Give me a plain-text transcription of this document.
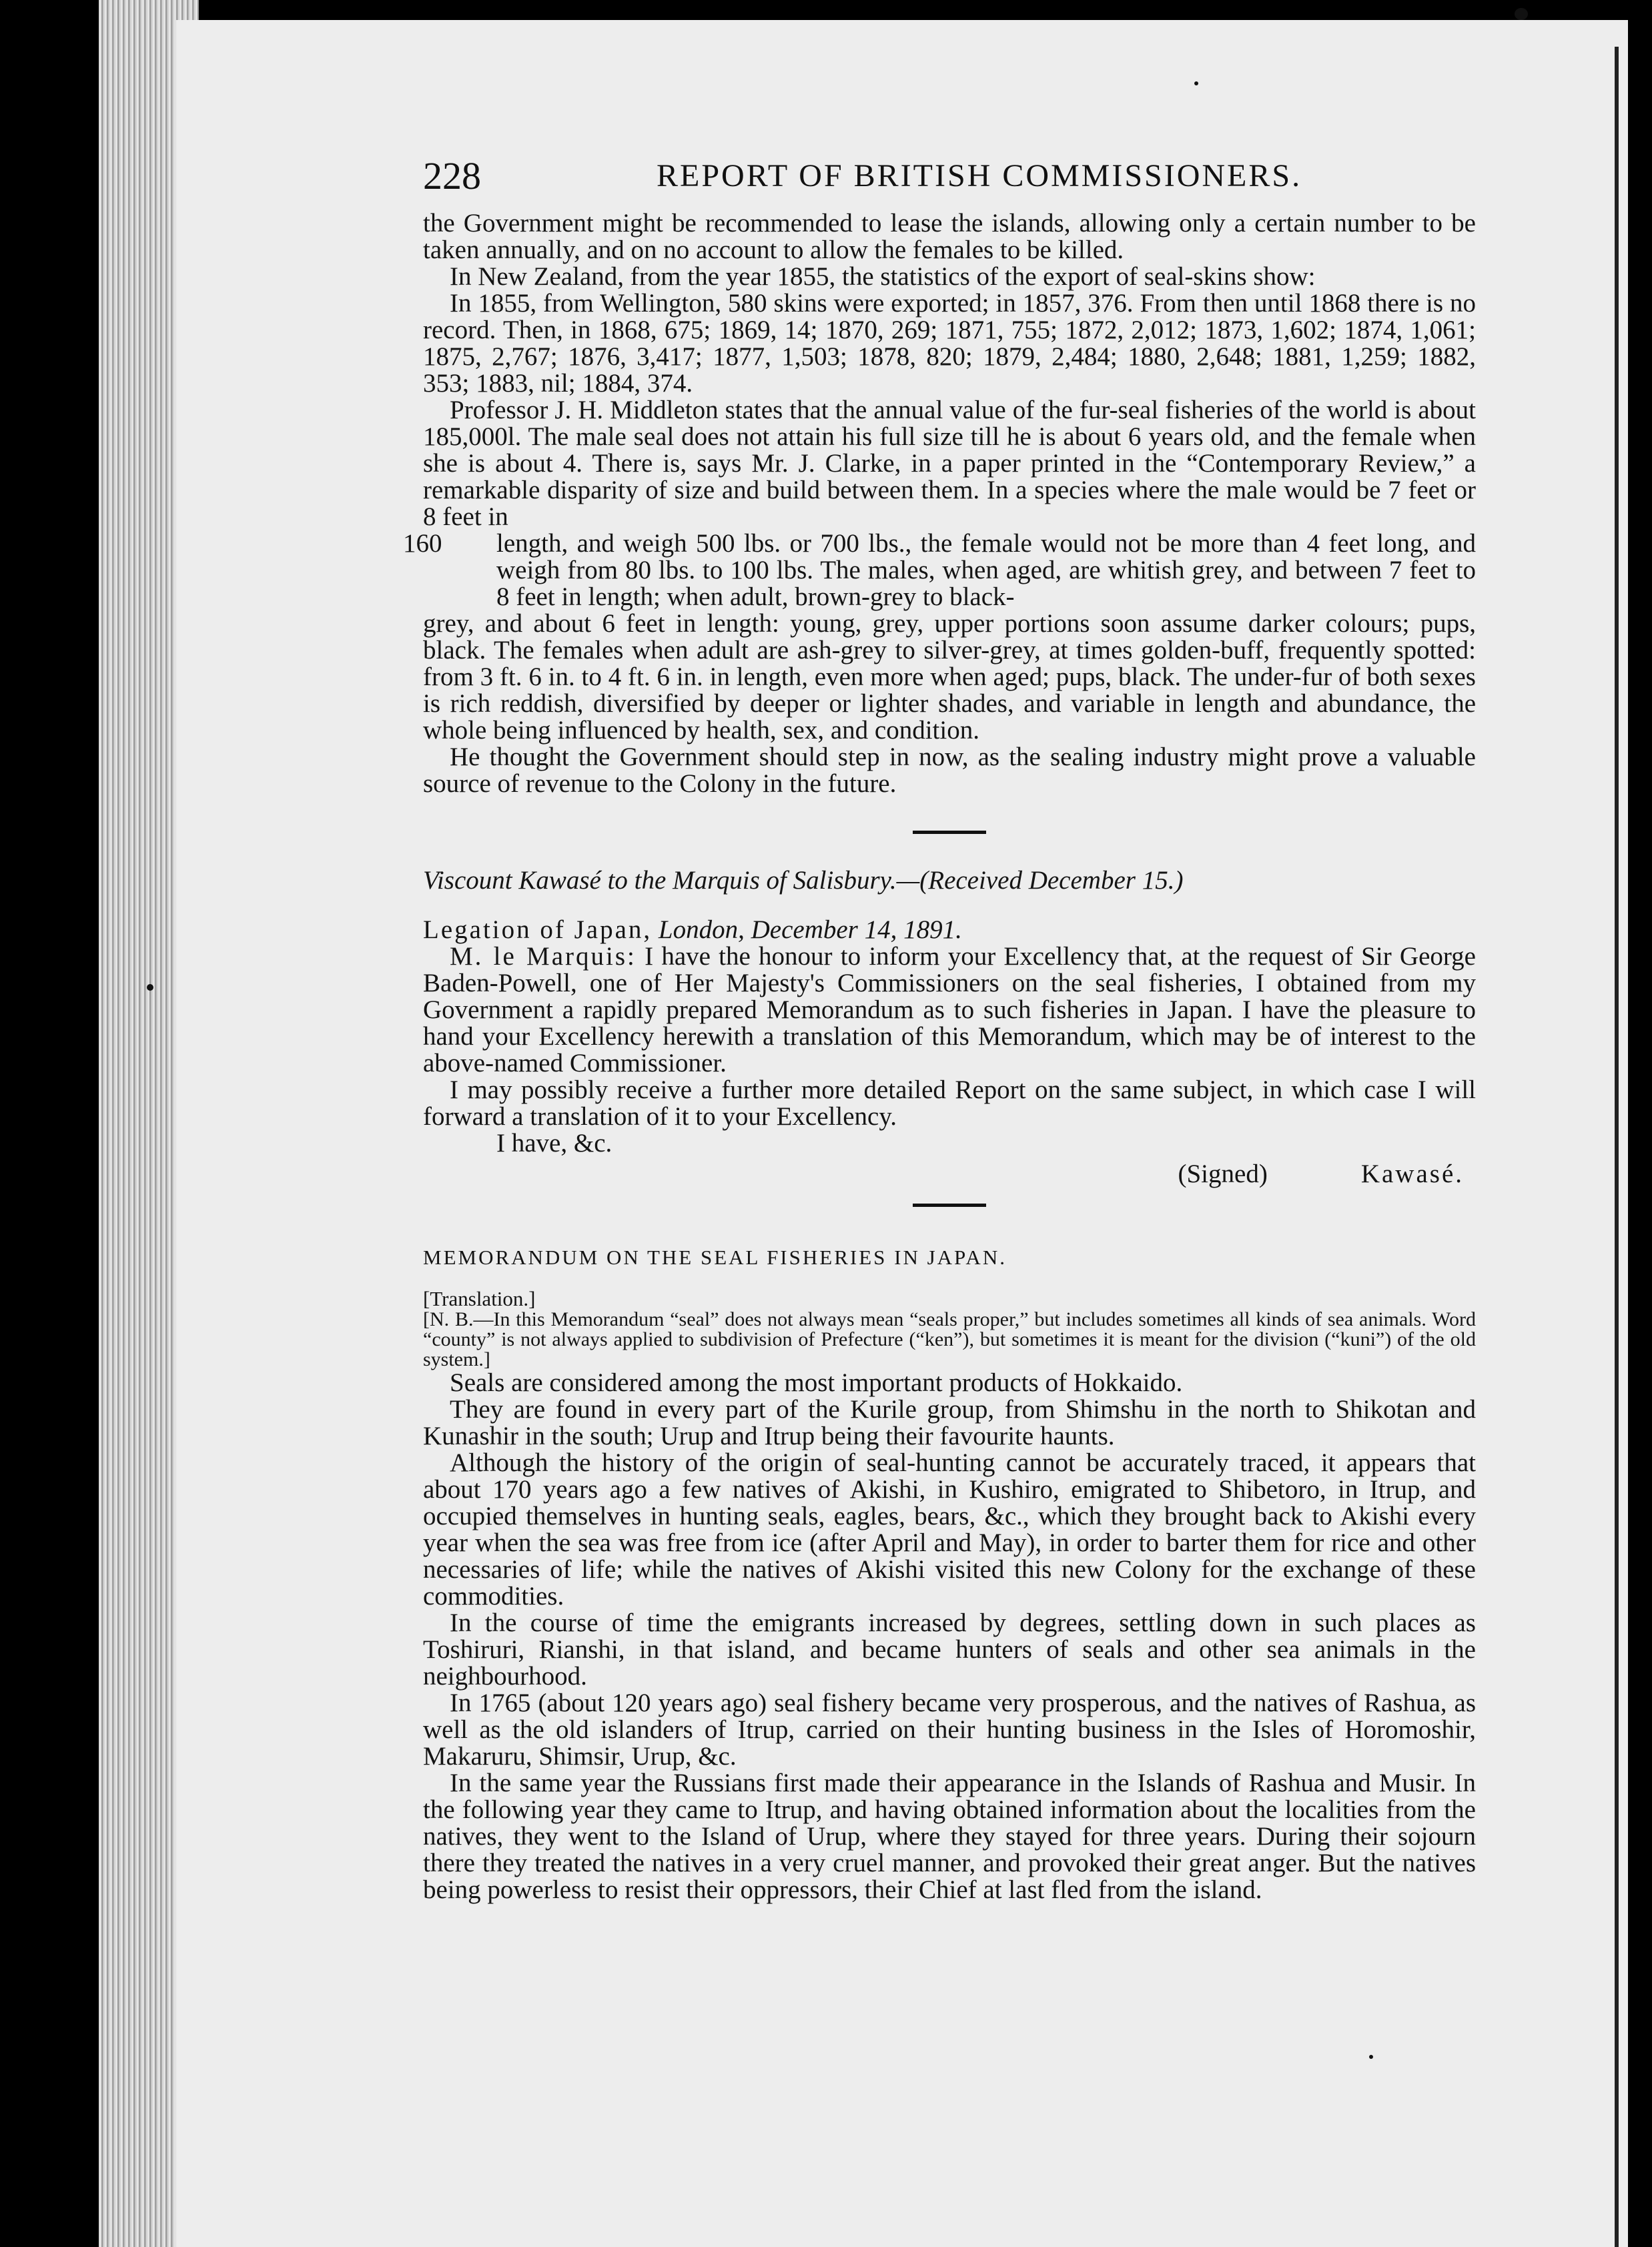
228	REPORT OF BRITISH COMMISSIONERS.

the Government might be recommended to lease the islands, allowing only a certain number to be taken annually, and on no account to allow the females to be killed.

In New Zealand, from the year 1855, the statistics of the export of seal-skins show:

In 1855, from Wellington, 580 skins were exported; in 1857, 376. From then until 1868 there is no record. Then, in 1868, 675; 1869, 14; 1870, 269; 1871, 755; 1872, 2,012; 1873, 1,602; 1874, 1,061; 1875, 2,767; 1876, 3,417; 1877, 1,503; 1878, 820; 1879, 2,484; 1880, 2,648; 1881, 1,259; 1882, 353; 1883, nil; 1884, 374.

Professor J. H. Middleton states that the annual value of the fur-seal fisheries of the world is about 185,000l. The male seal does not attain his full size till he is about 6 years old, and the female when she is about 4. There is, says Mr. J. Clarke, in a paper printed in the “Contemporary Review,” a remarkable disparity of size and build between them. In a species where the male would be 7 feet or 8 feet in

160 length, and weigh 500 lbs. or 700 lbs., the female would not be more than 4 feet long, and weigh from 80 lbs. to 100 lbs. The males, when aged, are whitish grey, and between 7 feet to 8 feet in length; when adult, brown-grey to black-

grey, and about 6 feet in length: young, grey, upper portions soon assume darker colours; pups, black. The females when adult are ash-grey to silver-grey, at times golden-buff, frequently spotted: from 3 ft. 6 in. to 4 ft. 6 in. in length, even more when aged; pups, black. The under-fur of both sexes is rich reddish, diversified by deeper or lighter shades, and variable in length and abundance, the whole being influenced by health, sex, and condition.

He thought the Government should step in now, as the sealing industry might prove a valuable source of revenue to the Colony in the future.

Viscount Kawasé to the Marquis of Salisbury.—(Received December 15.)

Legation of Japan, London, December 14, 1891.

M. le Marquis: I have the honour to inform your Excellency that, at the request of Sir George Baden-Powell, one of Her Majesty's Commissioners on the seal fisheries, I obtained from my Government a rapidly prepared Memorandum as to such fisheries in Japan. I have the pleasure to hand your Excellency herewith a translation of this Memorandum, which may be of interest to the above-named Commissioner.

I may possibly receive a further more detailed Report on the same subject, in which case I will forward a translation of it to your Excellency.

I have, &c.

(Signed)	Kawasé.

MEMORANDUM ON THE SEAL FISHERIES IN JAPAN.

[Translation.]

[N. B.—In this Memorandum “seal” does not always mean “seals proper,” but includes sometimes all kinds of sea animals. Word “county” is not always applied to subdivision of Prefecture (“ken”), but sometimes it is meant for the division (“kuni”) of the old system.]

Seals are considered among the most important products of Hokkaido.

They are found in every part of the Kurile group, from Shimshu in the north to Shikotan and Kunashir in the south; Urup and Itrup being their favourite haunts.

Although the history of the origin of seal-hunting cannot be accurately traced, it appears that about 170 years ago a few natives of Akishi, in Kushiro, emigrated to Shibetoro, in Itrup, and occupied themselves in hunting seals, eagles, bears, &c., which they brought back to Akishi every year when the sea was free from ice (after April and May), in order to barter them for rice and other necessaries of life; while the natives of Akishi visited this new Colony for the exchange of these commodities.

In the course of time the emigrants increased by degrees, settling down in such places as Toshiruri, Rianshi, in that island, and became hunters of seals and other sea animals in the neighbourhood.

In 1765 (about 120 years ago) seal fishery became very prosperous, and the natives of Rashua, as well as the old islanders of Itrup, carried on their hunting business in the Isles of Horomoshir, Makaruru, Shimsir, Urup, &c.

In the same year the Russians first made their appearance in the Islands of Rashua and Musir. In the following year they came to Itrup, and having obtained information about the localities from the natives, they went to the Island of Urup, where they stayed for three years. During their sojourn there they treated the natives in a very cruel manner, and provoked their great anger. But the natives being powerless to resist their oppressors, their Chief at last fled from the island.
